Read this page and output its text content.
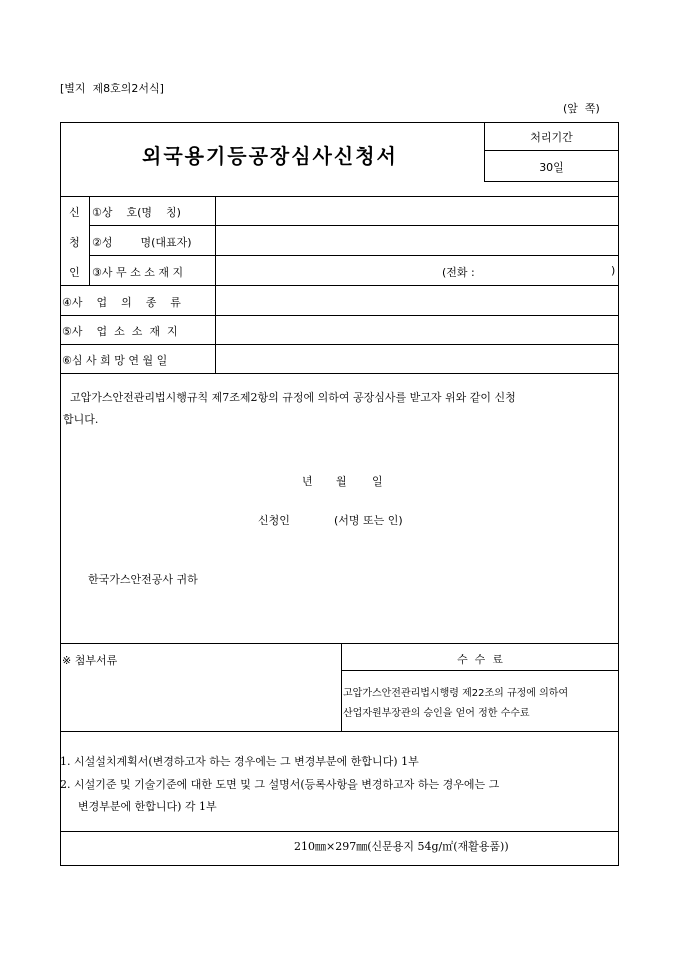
[별지  제8호의2서식]
(앞  쪽)
외국용기등공장심사신청서
처리기간
30일
신
청
인
①상    호(명    칭)
②성        명(대표자)
③사 무 소 소 재 지	(전화 :	)
④사    업    의    종    류
⑤사    업  소  소  재  지
⑥심 사 희 망 연 월 일
고압가스안전관리법시행규칙 제7조제2항의 규정에 의하여 공장심사를 받고자 위와 같이 신청
합니다.
년 월 일
신청인	(서명 또는 인)
한국가스안전공사 귀하
※ 첨부서류	수  수  료
고압가스안전관리법시행령 제22조의 규정에 의하여
산업자원부장관의 승인을 얻어 정한 수수료
1. 시설설치계획서(변경하고자 하는 경우에는 그 변경부분에 한합니다) 1부
2. 시설기준 및 기술기준에 대한 도면 및 그 설명서(등록사항을 변경하고자 하는 경우에는 그
변경부분에 한합니다) 각 1부
210㎜×297㎜(신문용지 54g/㎡(재활용품))
